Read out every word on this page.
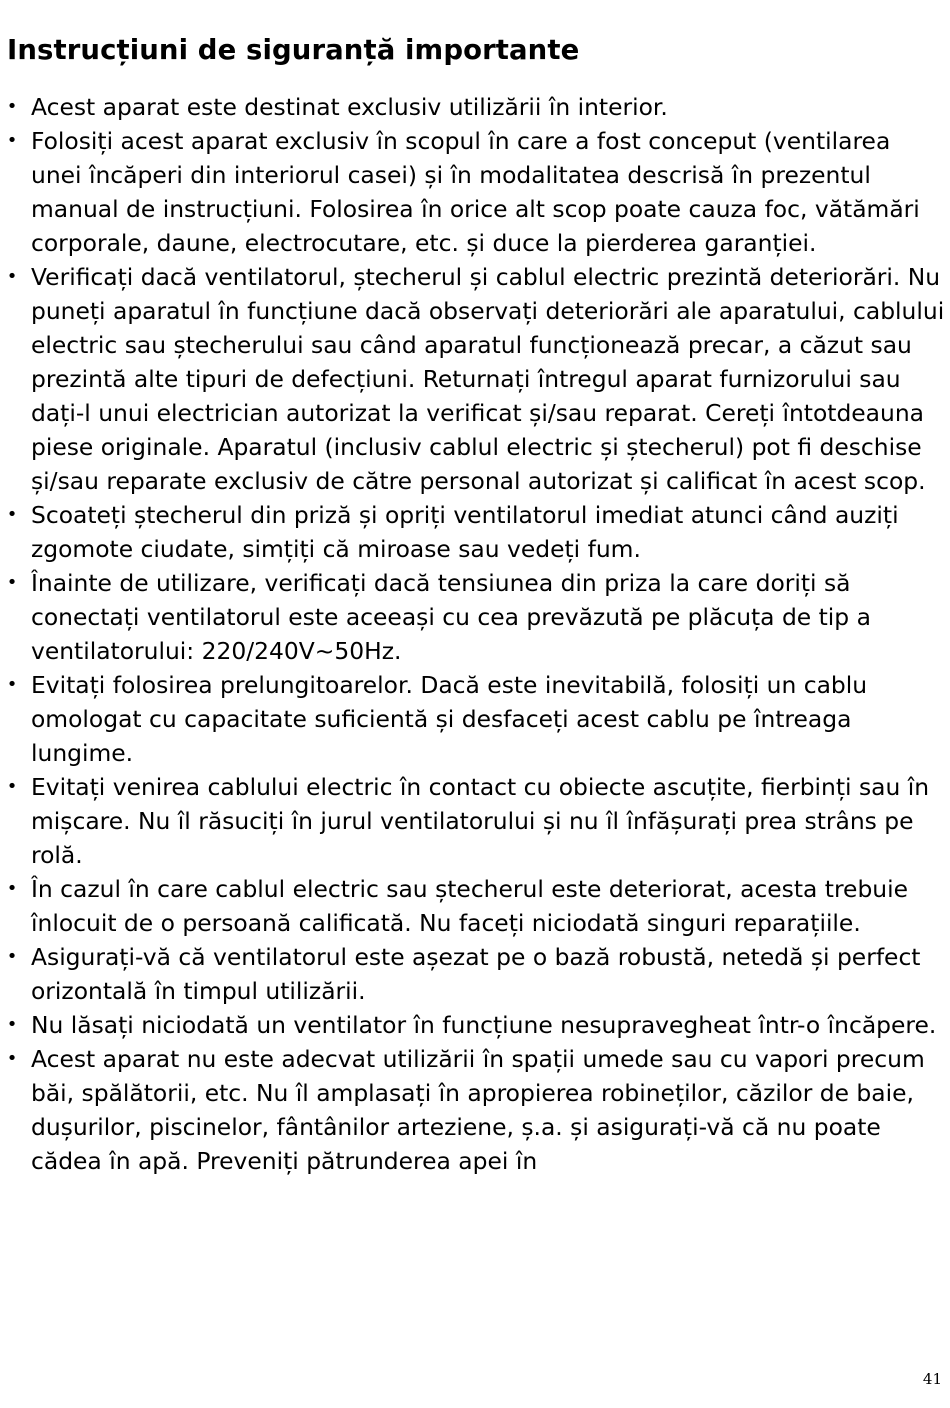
Instrucțiuni de siguranță importante
• Acest aparat este destinat exclusiv utilizării în interior.
• Folosiți acest aparat exclusiv în scopul în care a fost conceput (ventilarea unei încăperi din interiorul casei) și în modalitatea descrisă în prezentul manual de instrucțiuni. Folosirea în orice alt scop poate cauza foc, vătămări corporale, daune, electrocutare, etc. și duce la pierderea garanției.
• Verificați dacă ventilatorul, ștecherul și cablul electric prezintă deteriorări. Nu puneți aparatul în funcțiune dacă observați deteriorări ale aparatului, cablului electric sau ștecherului sau când aparatul funcționează precar, a căzut sau prezintă alte tipuri de defecțiuni. Returnați întregul aparat furnizorului sau dați-l unui electrician autorizat la verificat și/sau reparat. Cereți întotdeauna piese originale. Aparatul (inclusiv cablul electric și ștecherul) pot fi deschise și/sau reparate exclusiv de către personal autorizat și calificat în acest scop.
• Scoateți ștecherul din priză și opriți ventilatorul imediat atunci când auziți zgomote ciudate, simțiți că miroase sau vedeți fum.
• Înainte de utilizare, verificați dacă tensiunea din priza la care doriți să conectați ventilatorul este aceeași cu cea prevăzută pe plăcuța de tip a ventilatorului: 220/240V~50Hz.
• Evitați folosirea prelungitoarelor. Dacă este inevitabilă, folosiți un cablu omologat cu capacitate suficientă și desfaceți acest cablu pe întreaga lungime.
• Evitați venirea cablului electric în contact cu obiecte ascuțite, fierbinți sau în mișcare. Nu îl răsuciți în jurul ventilatorului și nu îl înfășurați prea strâns pe rolă.
• În cazul în care cablul electric sau ștecherul este deteriorat, acesta trebuie înlocuit de o persoană calificată. Nu faceți niciodată singuri reparațiile.
• Asigurați-vă că ventilatorul este așezat pe o bază robustă, netedă și perfect orizontală în timpul utilizării.
• Nu lăsați niciodată un ventilator în funcțiune nesupravegheat într-o încăpere.
• Acest aparat nu este adecvat utilizării în spații umede sau cu vapori precum băi, spălătorii, etc. Nu îl amplasați în apropierea robineților, căzilor de baie, dușurilor, piscinelor, fântânilor arteziene, ș.a. și asigurați-vă că nu poate cădea în apă. Preveniți pătrunderea apei în
41
